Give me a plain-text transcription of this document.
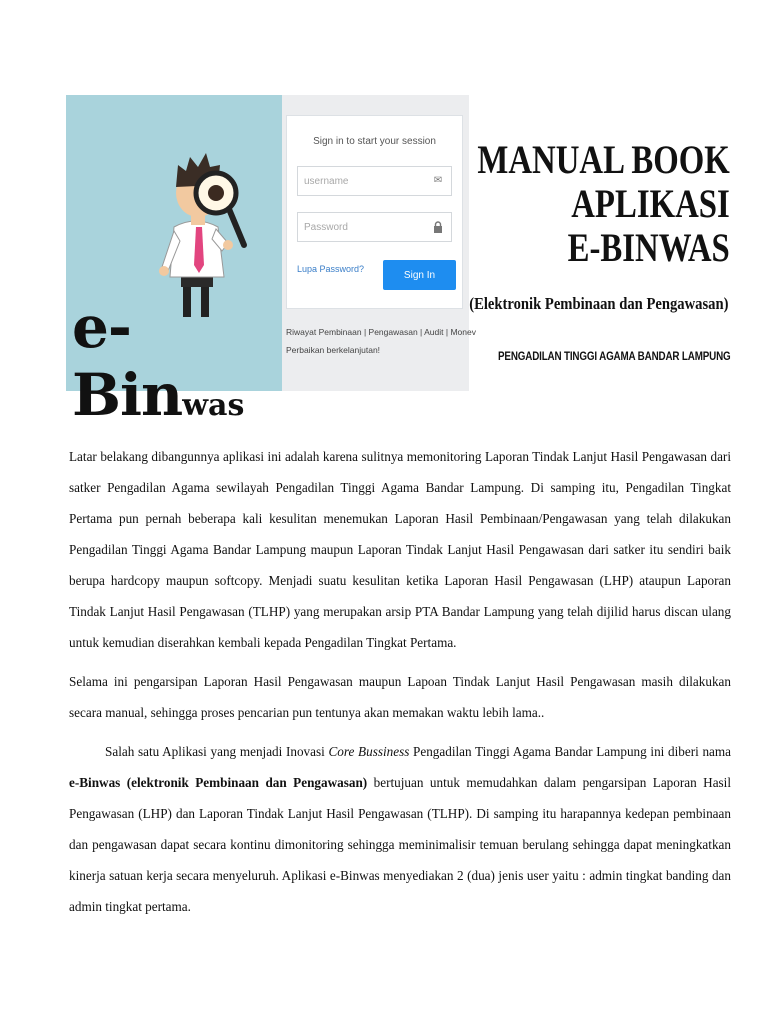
e-Binwas
Sign in to start your session
username
✉
Lupa Password?
Sign In
Riwayat Pembinaan | Pengawasan | Audit | Monev
Perbaikan berkelanjutan!
MANUAL BOOK
APLIKASI
E-BINWAS
(Elektronik Pembinaan dan Pengawasan)
PENGADILAN TINGGI AGAMA BANDAR LAMPUNG

Latar belakang dibangunnya aplikasi ini adalah karena sulitnya memonitoring Laporan Tindak Lanjut Hasil Pengawasan dari satker Pengadilan Agama sewilayah Pengadilan Tinggi Agama Bandar Lampung. Di samping itu, Pengadilan Tingkat Pertama pun pernah beberapa kali kesulitan menemukan Laporan Hasil Pembinaan/Pengawasan yang telah dilakukan Pengadilan Tinggi Agama Bandar Lampung maupun Laporan Tindak Lanjut Hasil Pengawasan dari satker itu sendiri baik berupa hardcopy maupun softcopy. Menjadi suatu kesulitan ketika Laporan Hasil Pengawasan (LHP) ataupun Laporan Tindak Lanjut Hasil Pengawasan (TLHP) yang merupakan arsip PTA Bandar Lampung yang telah dijilid harus discan ulang untuk kemudian diserahkan kembali kepada Pengadilan Tingkat Pertama.

Selama ini pengarsipan Laporan Hasil Pengawasan maupun Lapoan Tindak Lanjut Hasil Pengawasan masih dilakukan secara manual, sehingga proses pencarian pun tentunya akan memakan waktu lebih lama..

Salah satu Aplikasi yang menjadi Inovasi Core Bussiness Pengadilan Tinggi Agama Bandar Lampung ini diberi nama e-Binwas (elektronik Pembinaan dan Pengawasan) bertujuan untuk memudahkan dalam pengarsipan Laporan Hasil Pengawasan (LHP) dan Laporan Tindak Lanjut Hasil Pengawasan (TLHP). Di samping itu harapannya kedepan pembinaan dan pengawasan dapat secara kontinu dimonitoring sehingga meminimalisir temuan berulang sehingga dapat meningkatkan kinerja satuan kerja secara menyeluruh. Aplikasi e-Binwas menyediakan 2 (dua) jenis user yaitu : admin tingkat banding dan admin tingkat pertama.
